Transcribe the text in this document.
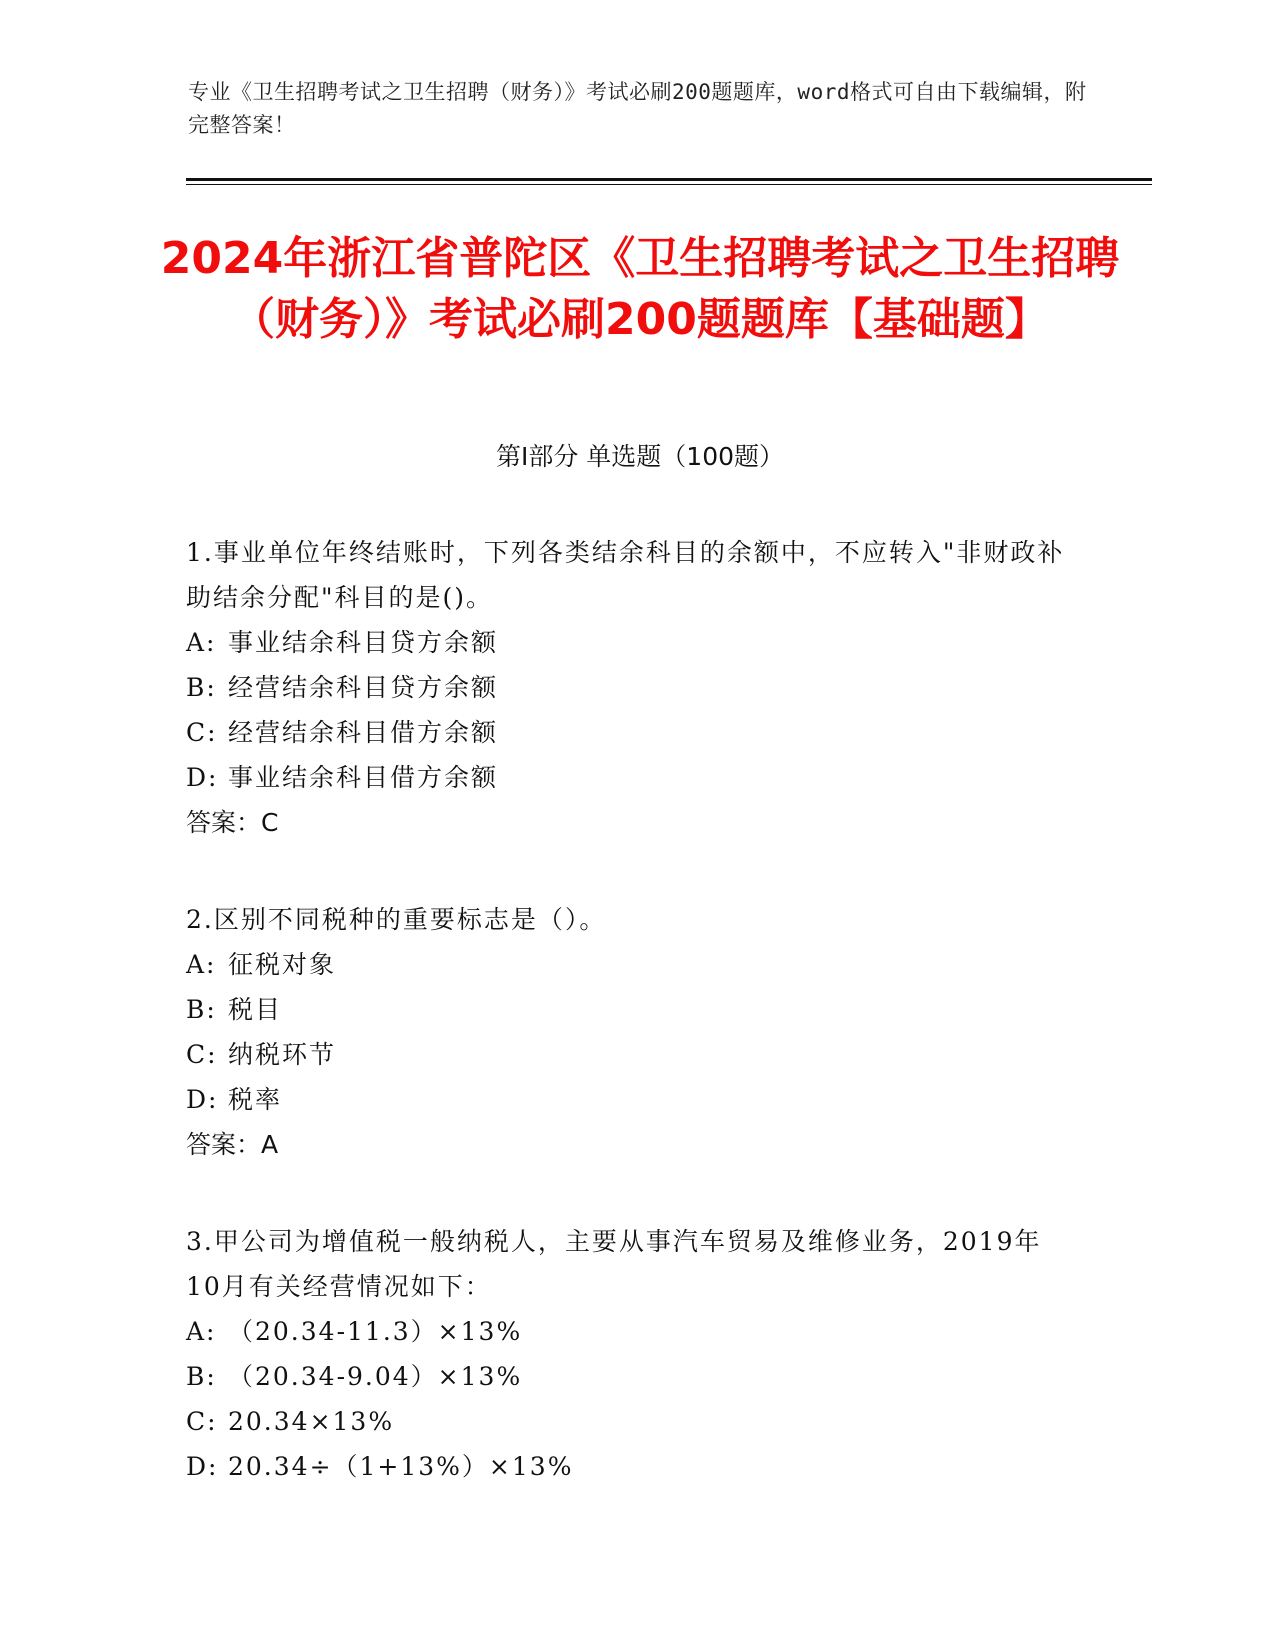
专业《卫生招聘考试之卫生招聘（财务）》考试必刷200题题库，word格式可自由下载编辑，附完整答案！
2024年浙江省普陀区《卫生招聘考试之卫生招聘（财务）》考试必刷200题题库【基础题】
第I部分 单选题（100题）
1.事业单位年终结账时，下列各类结余科目的余额中，不应转入"非财政补助结余分配"科目的是()。
A: 事业结余科目贷方余额
B: 经营结余科目贷方余额
C: 经营结余科目借方余额
D: 事业结余科目借方余额
答案：C
2.区别不同税种的重要标志是（）。
A: 征税对象
B: 税目
C: 纳税环节
D: 税率
答案：A
3.甲公司为增值税一般纳税人，主要从事汽车贸易及维修业务，2019年10月有关经营情况如下：
A: （20.34-11.3）×13%
B: （20.34-9.04）×13%
C: 20.34×13%
D: 20.34÷（1+13%）×13%
